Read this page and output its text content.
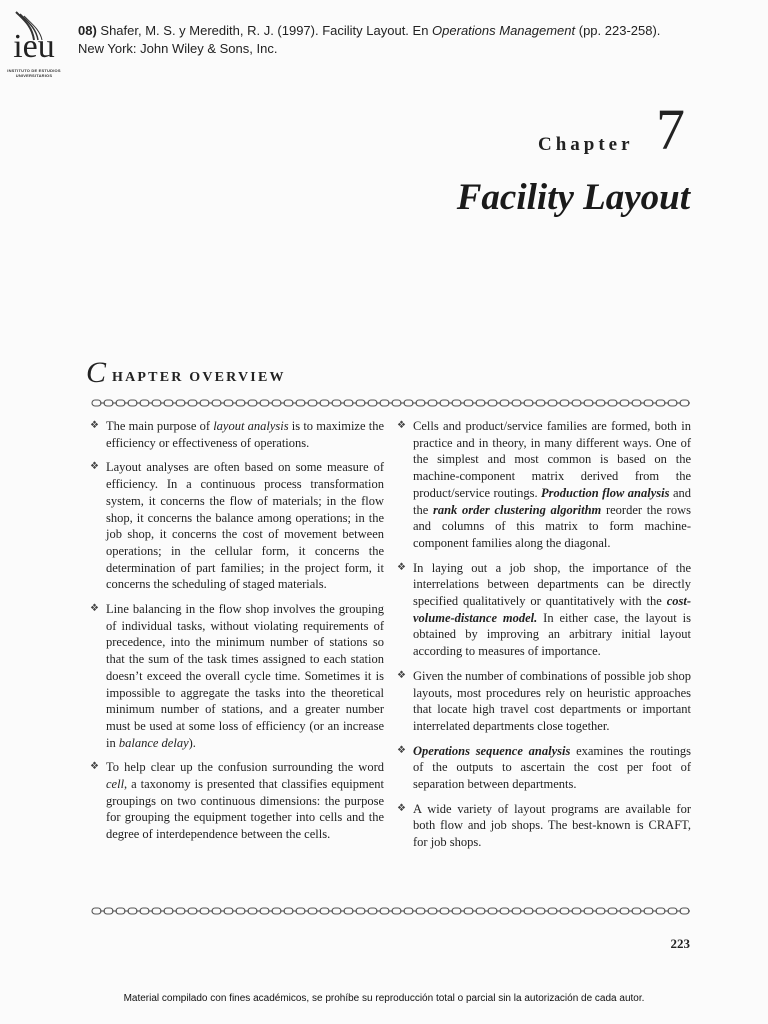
ieu
INSTITUTO DE ESTUDIOS UNIVERSITARIOS
08) Shafer, M. S. y Meredith, R. J. (1997). Facility Layout. En Operations Management (pp. 223-258). New York: John Wiley & Sons, Inc.
Chapter 7
Facility Layout
C HAPTER OVERVIEW
❖ The main purpose of layout analysis is to maximize the efficiency or effectiveness of operations.
❖ Layout analyses are often based on some measure of efficiency. In a continuous process transformation system, it concerns the flow of materials; in the flow shop, it concerns the balance among operations; in the job shop, it concerns the cost of movement between operations; in the cellular form, it concerns the determination of part families; in the project form, it concerns the scheduling of staged materials.
❖ Line balancing in the flow shop involves the grouping of individual tasks, without violating requirements of precedence, into the minimum number of stations so that the sum of the task times assigned to each station doesn’t exceed the overall cycle time. Sometimes it is impossible to aggregate the tasks into the theoretical minimum number of stations, and a greater number must be used at some loss of efficiency (or an increase in balance delay).
❖ To help clear up the confusion surrounding the word cell, a taxonomy is presented that classifies equipment groupings on two continuous dimensions: the purpose for grouping the equipment together into cells and the degree of interdependence between the cells.
❖ Cells and product/service families are formed, both in practice and in theory, in many different ways. One of the simplest and most common is based on the machine-component matrix derived from the product/service routings. Production flow analysis and the rank order clustering algorithm reorder the rows and columns of this matrix to form machine-component families along the diagonal.
❖ In laying out a job shop, the importance of the interrelations between departments can be directly specified qualitatively or quantitatively with the cost-volume-distance model. In either case, the layout is obtained by improving an arbitrary initial layout according to measures of importance.
❖ Given the number of combinations of possible job shop layouts, most procedures rely on heuristic approaches that locate high travel cost departments or important interrelated departments close together.
❖ Operations sequence analysis examines the routings of the outputs to ascertain the cost per foot of separation between departments.
❖ A wide variety of layout programs are available for both flow and job shops. The best-known is CRAFT, for job shops.
223
Material compilado con fines académicos, se prohíbe su reproducción total o parcial sin la autorización de cada autor.
